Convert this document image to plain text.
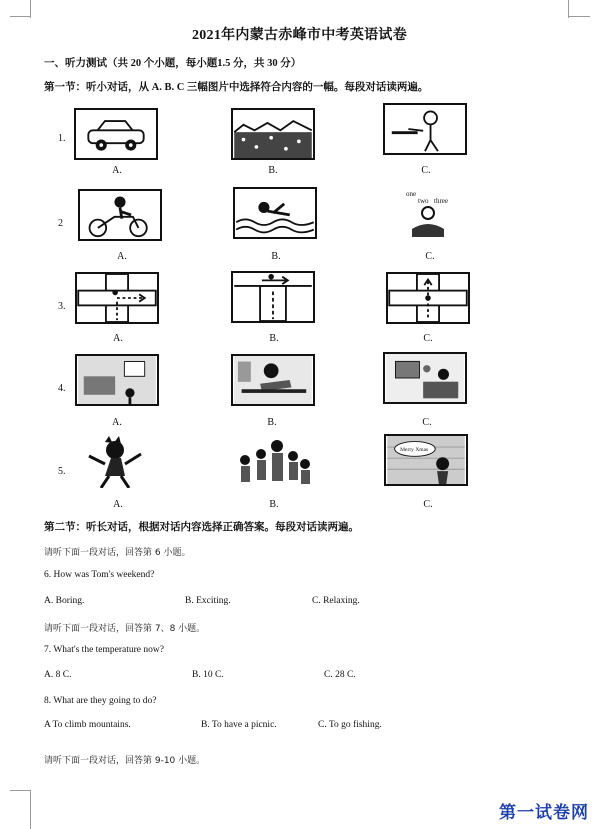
2021年内蒙古赤峰市中考英语试卷
一、听力测试（共 20 个小题，每小题1.5 分，共 30 分）
第一节：听小对话，从 A. B. C 三幅图片中选择符合内容的一幅。每段对话读两遍。
1.
A.	B.	C.
2
one
two three
A.	B.	C.
3.
A.	B.	C.
4.
A.	B.	C.
5.
Merry Xmas
A.	B.	C.
第二节：听长对话，根据对话内容选择正确答案。每段对话读两遍。
请听下面一段对话，回答第 6 小题。
6. How was Tom's weekend?
A. Boring.	B. Exciting.	C. Relaxing.
请听下面一段对话，回答第 7、8 小题。
7. What's the temperature now?
A. 8 C.	B. 10 C.	C. 28 C.
8. What are they going to do?
A To climb mountains.	B. To have a picnic.	C. To go fishing.
请听下面一段对话，回答第 9-10 小题。
第一试卷网
